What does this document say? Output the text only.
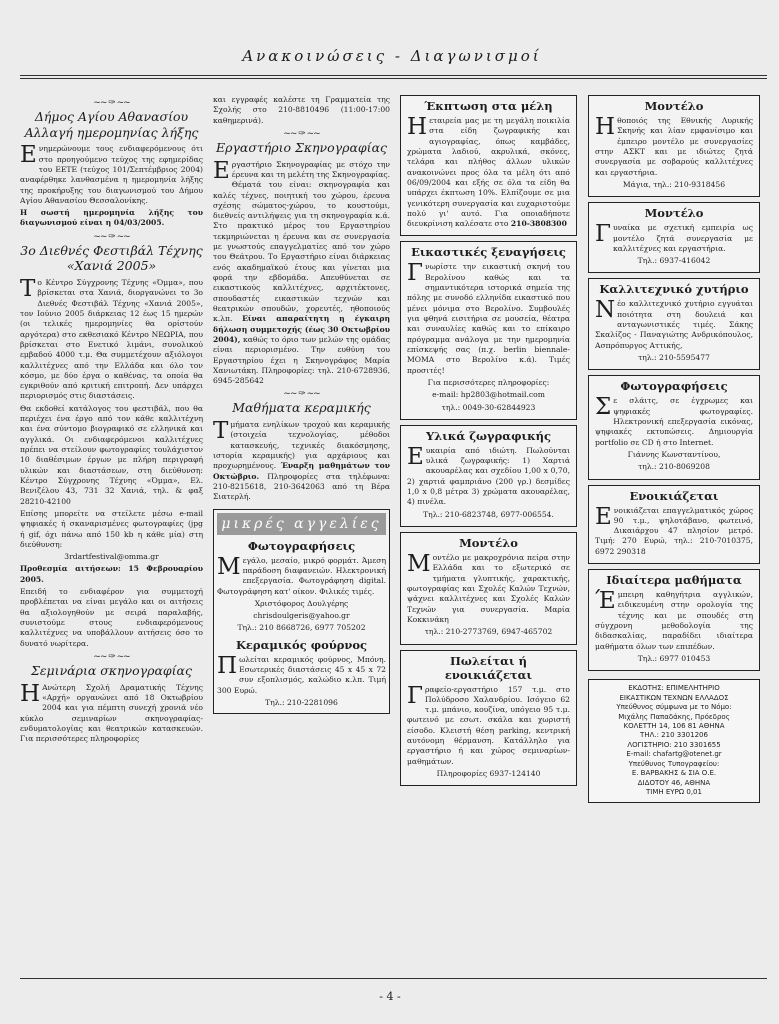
Ανακοινώσεις - Διαγωνισμοί
~~ ✑ ~~
Δήμος Αγίου Αθανασίου
Αλλαγή ημερομηνίας λήξης

Ενημερώνουμε τους ενδιαφερόμενους ότι στο προηγούμενο τεύχος της εφημερίδας του ΕΕΤΕ (τεύχος 101/Σεπτέμβριος 2004) αναφέρθηκε λανθασμένα η ημερομηνία λήξης της προκήρυξης του διαγωνισμού του Δήμου Αγίου Αθανασίου Θεσσαλονίκης.

Η σωστή ημερομηνία λήξης του διαγωνισμού είναι η 04/03/2005.

~~ ✑ ~~
3ο Διεθνές Φεστιβάλ Τέχνης
«Χανιά 2005»

Το Κέντρο Σύγχρονης Τέχνης «Όμμα», που βρίσκεται στα Χανιά, διοργανώνει το 3ο Διεθνές Φεστιβάλ Τέχνης «Χανιά 2005», τον Ιούνιο 2005 διάρκειας 12 έως 15 ημερών (οι τελικές ημερομηνίες θα ορίστούν αργότερα) στο εκθεσιακό Κέντρο ΝΕΩΡΙΑ, που βρίσκεται στο Ενετικό λιμάνι, συνολικού εμβαδού 4000 τ.μ. Θα συμμετέχουν αξιόλογοι καλλιτέχνες από την Ελλάδα και όλο τον κόσμο, με δύο έργα ο καθένας, τα οποία θα εγκριθούν από κριτική επιτροπή. Δεν υπάρχει περιορισμός στις διαστάσεις.

Θα εκδοθεί κατάλογος του φεστιβάλ, που θα περιέχει ένα έργο από τον κάθε καλλιτέχνη και ένα σύντομο βιογραφικό σε ελληνικά και αγγλικά. Οι ενδιαφερόμενοι καλλιτέχνες πρέπει να στείλουν φωτογραφίες τουλάχιστον 10 διαθέσιμων έργων με πλήρη περιγραφή υλικών και διαστάσεων, στη διεύθυνση: Κέντρο Σύγχρονης Τέχνης «Όμμα», Ελ. Βενιζέλου 43, 731 32 Χανιά, τηλ. & φαξ 28210-42100

Επίσης μπορείτε να στείλετε μέσω e-mail ψηφιακές ή σκαναρισμένες φωτογραφίες (jpg ή gif, όχι πάνω από 150 kb η κάθε μία) στη διεύθυνση:

3rdartfestival@omma.gr

Προθεσμία αιτήσεων: 15 Φεβρουαρίου 2005.

Επειδή το ενδιαφέρον για συμμετοχή προβλέπεται να είναι μεγάλο και οι αιτήσεις θα αξιολογηθούν με σειρά παραλαβής, συνιστούμε στους ενδιαφερόμενους καλλιτέχνες να υποβάλλουν αιτήσεις όσο το δυνατό νωρίτερα.

~~ ✑ ~~
Σεμινάρια σκηνογραφίας

ΗΑνώτερη Σχολή Δραματικής Τέχνης «Αρχή» οργανώνει από 18 Οκτωβρίου 2004 και για πέμπτη συνεχή χρονιά νέο κύκλο σεμιναρίων σκηνογραφίας-ενδυματολογίας και θεατρικών κατασκευών. Για περισσότερες πληροφορίες

και εγγραφές καλέστε τη Γραμματεία της Σχολής στο 210-8810496 (11:00-17:00 καθημερινά).

~~ ✑ ~~
Εργαστήριο Σκηνογραφίας

Εργαστήριο Σκηνογραφίας με στόχο την έρευνα και τη μελέτη της Σκηνογραφίας. Θέματά του είναι: σκηνογραφία και καλές τέχνες, ποιητική του χώρου, έρευνα σχέσης σώματος-χώρου, το κουστούμι, διεθνείς αντιλήψεις για τη σκηνογραφία κ.ά. Στο πρακτικό μέρος του Εργαστηρίου τεκμηριώνεται η έρευνα και σε συνεργασία με γνωστούς επαγγελματίες από τον χώρο του Θεάτρου. Το Εργαστήριο είναι διάρκειας ενός ακαδημαϊκού έτους και γίνεται μια φορά την εβδομάδα. Απευθύνεται σε εικαστικούς καλλιτέχνες, αρχιτέκτονες, σπουδαστές εικαστικών τεχνών και θεατρικών σπουδών, χορευτές, ηθοποιούς κ.λπ. Είναι απαραίτητη η έγκαιρη δήλωση συμμετοχής (έως 30 Οκτωβρίου 2004), καθώς το όριο των μελών της ομάδας είναι περιορισμένο. Την ευθύνη του Εργαστηρίου έχει η Σκηνογράφος Μαρία Χανιωτάκη. Πληροφορίες: τηλ. 210-6728936, 6945-285642

~~ ✑ ~~
Μαθήματα κεραμικής

Τμήματα ενηλίκων τροχού και κεραμικής (στοιχεία τεχνολογίας, μέθοδοι κατασκευής, τεχνικές διακόσμησης, ιστορία κεραμικής) για αρχάριους και προχωρημένους. Έναρξη μαθημάτων τον Οκτώβριο. Πληροφορίες στα τηλέφωνα: 210-8215618, 210-3642063 από τη Βέρα Σιατερλή.

μικρές αγγελίες
Φωτογραφήσεις

Μεγάλο, μεσαίο, μικρό φορμάτ. Άμεση παράδοση διαφανειών. Ηλεκτρονική επεξεργασία. Φωτογράφηση digital. Φωτογράφηση κατ' οίκον. Φιλικές τιμές.

Χριστόφορος Δουλγέρης

chrisdoulgeris@yahoo.gr

Τηλ.: 210 8668726, 6977 705202

Κεραμικός φούρνος

Πωλείται κεραμικός φούρνος, Μπόνη. Εσωτερικές διαστάσεις 45 x 45 x 72 συν εξοπλισμός, καλώδιο κ.λπ. Τιμή 300 Ευρώ.

Τηλ.: 210-2281096

Έκπτωση στα μέλη

Ηεταιρεία μας με τη μεγάλη ποικιλία στα είδη ζωγραφικής και αγιογραφίας, όπως καμβάδες, χρώματα λαδιού, ακρυλικά, σκόνες, τελάρα και πλήθος άλλων υλικών ανακοινώνει προς όλα τα μέλη ότι από 06/09/2004 και εξής σε όλα τα είδη θα υπάρχει έκπτωση 10%. Ελπίζουμε σε μια γενικότερη συνεργασία και ευχαριστούμε πολύ γι' αυτό. Για οποιαδήποτε διευκρίνιση καλέσατε στο 210-3808300

Εικαστικές ξεναγήσεις

Γνωρίστε την εικαστική σκηνή του Βερολίνου καθώς και τα σημαντικότερα ιστορικά σημεία της πόλης με συνοδό ελληνίδα εικαστικό που μένει μόνιμα στο Βερολίνο. Συμβουλές για φθηνά εισιτήρια σε μουσεία, θέατρα και συναυλίες καθώς και το επίκαιρο πρόγραμμα ανάλογα με την ημερομηνία επίσκεψής σας (π.χ. berlin biennale-MOMA στο Βερολίνο κ.ά). Τιμές προσιτές!

Για περισσότερες πληροφορίες:

e-mail: hp2803@hotmail.com

τηλ.: 0049-30-62844923

Υλικά ζωγραφικής

Ευκαιρία από ιδιώτη. Πωλούνται υλικά ζωγραφικής: 1) Χαρτιά ακουαρέλας και σχεδίου 1,00 x 0,70, 2) χαρτιά φαμπριάνο (200 γρ.) δεσμίδες 1,0 x 0,8 μέτρα 3) χρώματα ακουαρέλας, 4) πινέλα.

Τηλ.: 210-6823748, 6977-006554.

Μοντέλο

Μοντέλο με μακροχρόνια πείρα στην Ελλάδα και το εξωτερικό σε τμήματα γλυπτικής, χαρακτικής, φωτογραφίας και Σχολές Καλών Τεχνών, ψάχνει καλλιτέχνες και Σχολές Καλών Τεχνών για συνεργασία. Μαρία Κοκκινάκη

τηλ.: 210-2773769, 6947-465702

Πωλείται ή ενοικιάζεται

Γραφείο-εργαστήριο 157 τ.μ. στο Πολύδροσο Χαλανδρίου. Ισόγειο 62 τ.μ. μπάνιο, κουζίνα, υπόγειο 95 τ.μ. φωτεινό με εσωτ. σκάλα και χωριστή είσοδο. Κλειστή θέση parking, κεντρική αυτόνομη θέρμανση. Κατάλληλο για εργαστήριο ή και χώρος σεμιναρίων-μαθημάτων.

Πληροφορίες 6937-124140

Μοντέλο

Ηθοποιός της Εθνικής Λυρικής Σκηνής και λίαν εμφανίσιμο και έμπειρο μοντέλο με συνεργασίες στην ΑΣΚΤ και με ιδιώτες ζητά συνεργασία με σοβαρούς καλλιτέχνες και εργαστήρια.

Μάγια, τηλ.: 210-9318456

Μοντέλο

Γυναίκα με σχετική εμπειρία ως μοντέλο ζητά συνεργασία με καλλιτέχνες και εργαστήρια.

Τηλ.: 6937-416042

Καλλιτεχνικό χυτήριο

Νέο καλλιτεχνικό χυτήριο εγγυάται ποιότητα στη δουλειά και ανταγωνιστικές τιμές. Σάκης Σκαλίζος - Παναγιώτης Ανδρικόπουλος, Ασπρόπυργος Αττικής,

τηλ.: 210-5595477

Φωτογραφήσεις

Σε σλάιτς, σε έγχρωμες και ψηφιακές φωτογραφίες. Ηλεκτρονική επεξεργασία εικόνας, ψηφιακές εκτυπώσεις. Δημιουργία portfolio σε CD ή στο Internet.

Γιάννης Κωνσταντίνου,

τηλ.: 210-8069208

Ενοικιάζεται

Ενοικιάζεται επαγγελματικός χώρος 90 τ.μ., ψηλοτάβανο, φωτεινό, Δικαιάρχου 47 πλησίον μετρό. Τιμή: 270 Ευρώ, τηλ.: 210-7010375, 6972 290318

Ιδιαίτερα μαθήματα

Έμπειρη καθηγήτρια αγγλικών, ειδικευμένη στην ορολογία της τέχνης και με σπουδές στη σύγχρονη μεθοδολογία της διδασκαλίας, παραδίδει ιδιαίτερα μαθήματα όλων των επιπέδων.

Τηλ.: 6977 010453

ΕΚΔΟΤΗΣ: ΕΠΙΜΕΛΗΤΗΡΙΟ
ΕΙΚΑΣΤΙΚΩΝ ΤΕΧΝΩΝ ΕΛΛΑΔΟΣ
Υπεύθυνος σύμφωνα με το Νόμο:
Μιχάλης Παπαδάκης, Πρόεδρος
ΚΟΛΕΤΤΗ 14, 106 81 ΑΘΗΝΑ
ΤΗΛ.: 210 3301206
ΛΟΓΙΣΤΗΡΙΟ: 210 3301655
E-mail: chafartg@otenet.gr
Υπεύθυνος Τυπογραφείου:
Ε. ΒΑΡΒΑΚΗΣ & ΣΙΑ Ο.Ε.
ΔΙΔΟΤΟΥ 46, ΑΘΗΝΑ
ΤΙΜΗ ΕΥΡΩ 0,01
- 4 -
